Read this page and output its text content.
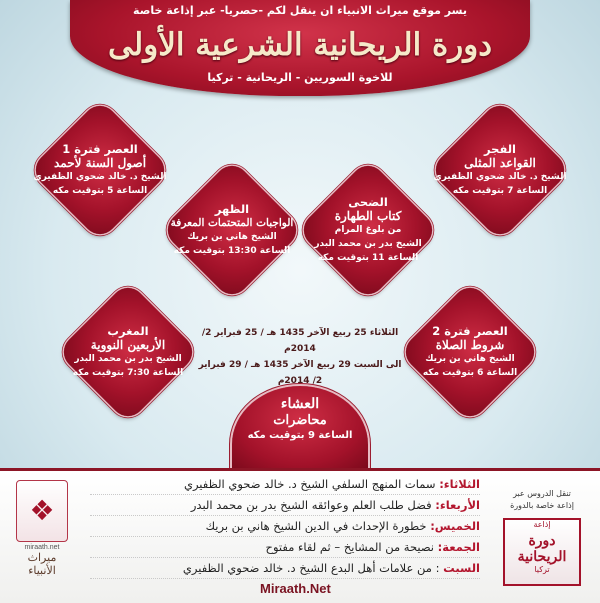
يسر موقع ميراث الانبياء ان ينقل لكم -حصريا- عبر إذاعة خاصة
دورة الريحانية الشرعية الأولى
للاخوة السوريين - الريحانية - تركيا
الفجر
القواعد المثلى
الشيخ د. خالد ضحوي الظفيري
الساعة 7 بتوقيت مكه
العصر فترة 1
أصول السنة لأحمد
الشيخ د. خالد ضحوي الظفيري
الساعة 5 بتوقيت مكه
الضحى
كتاب الطهارة
من بلوغ المرام
الشيخ بدر بن محمد البدر
الساعة 11 بتوقيت مكه
الظهر
الواجبات المتحتمات المعرفة
الشيخ هاني بن بريك
الساعة 13:30 بتوقيت مكه
العصر فترة 2
شروط الصلاة
الشيخ هاني بن بريك
الساعة 6 بتوقيت مكه
المغرب
الأربعين النووية
الشيخ بدر بن محمد البدر
الساعة 7:30 بتوقيت مكه
الثلاثاء 25 ربيع الآخر 1435 هـ / 25 فبراير 2/ 2014م
الى السبت 29 ربيع الآخر 1435 هـ / 29 فبراير 2/ 2014م
العشاء
محاضرات
الساعة 9 بتوقيت مكه
الثلاثاء: سمات المنهج السلفي الشيخ د. خالد ضحوي الظفيري
الأربعاء: فضل طلب العلم وعوائقه الشيخ بدر بن محمد البدر
الخميس: خطورة الإحداث في الدين الشيخ هاني بن بريك
الجمعة: نصيحة من المشايخ – ثم لقاء مفتوح
السبت : من علامات أهل البدع الشيخ د. خالد ضحوي الظفيري
Miraath.Net
❖
miraath.net
ميراث الأنبياء
تنقل الدروس عبر
إذاعة خاصة بالدورة
إذاعة
دورة الريحانية
تركيا
